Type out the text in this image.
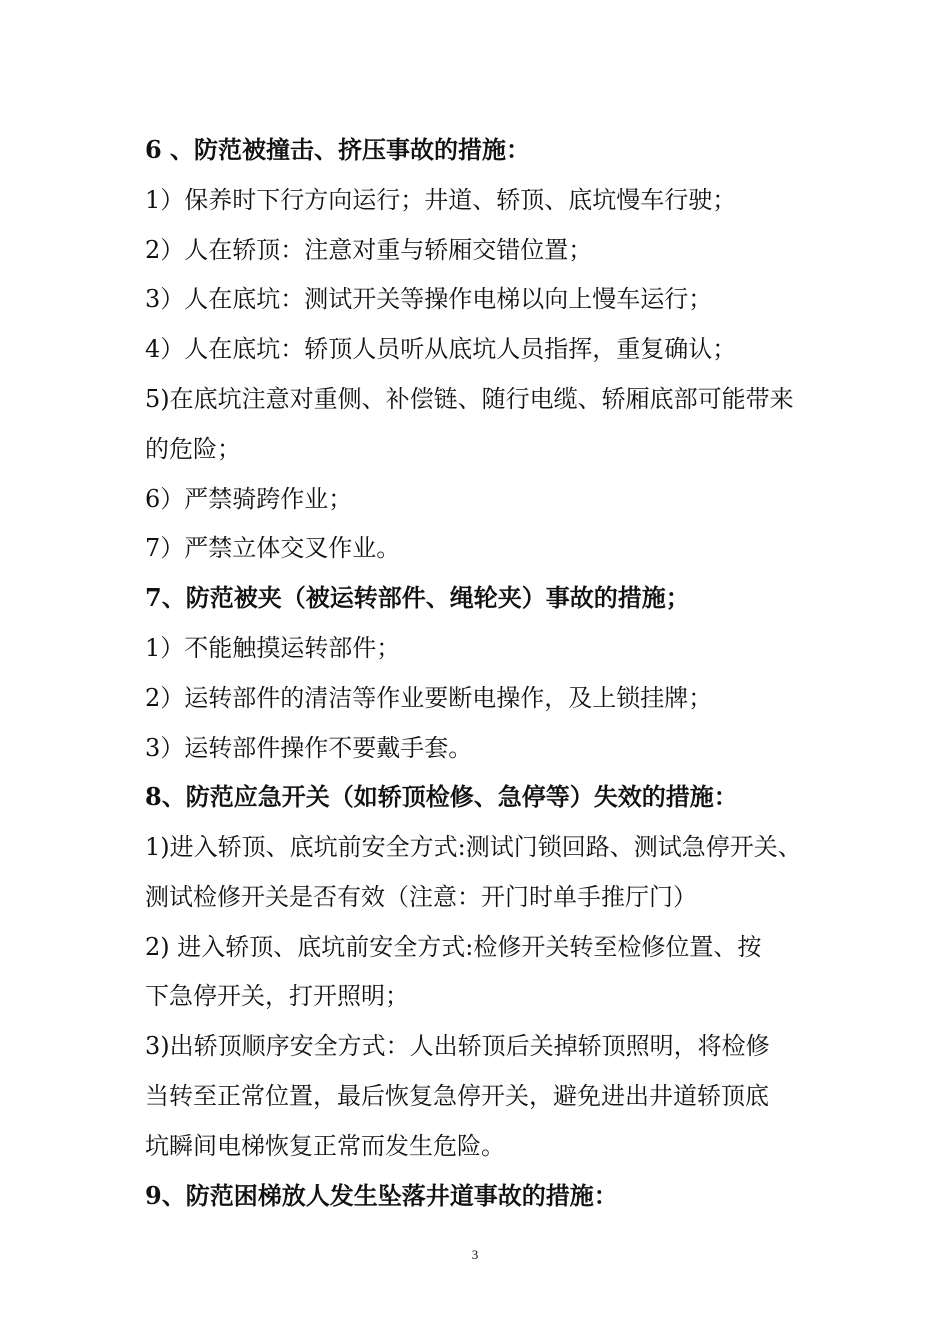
6 、防范被撞击、挤压事故的措施：
1）保养时下行方向运行；井道、轿顶、底坑慢车行驶；
2）人在轿顶：注意对重与轿厢交错位置；
3）人在底坑：测试开关等操作电梯以向上慢车运行；
4）人在底坑：轿顶人员听从底坑人员指挥，重复确认；
5)在底坑注意对重侧、补偿链、随行电缆、轿厢底部可能带来
的危险；
6）严禁骑跨作业；
7）严禁立体交叉作业。
7、防范被夹（被运转部件、绳轮夹）事故的措施；
1）不能触摸运转部件；
2）运转部件的清洁等作业要断电操作，及上锁挂牌；
3）运转部件操作不要戴手套。
8、防范应急开关（如轿顶检修、急停等）失效的措施：
1)进入轿顶、底坑前安全方式:测试门锁回路、测试急停开关、
测试检修开关是否有效（注意：开门时单手推厅门）
2) 进入轿顶、底坑前安全方式:检修开关转至检修位置、按
下急停开关，打开照明；
3)出轿顶顺序安全方式：人出轿顶后关掉轿顶照明，将检修
当转至正常位置，最后恢复急停开关，避免进出井道轿顶底
坑瞬间电梯恢复正常而发生危险。
9、防范困梯放人发生坠落井道事故的措施：
3
